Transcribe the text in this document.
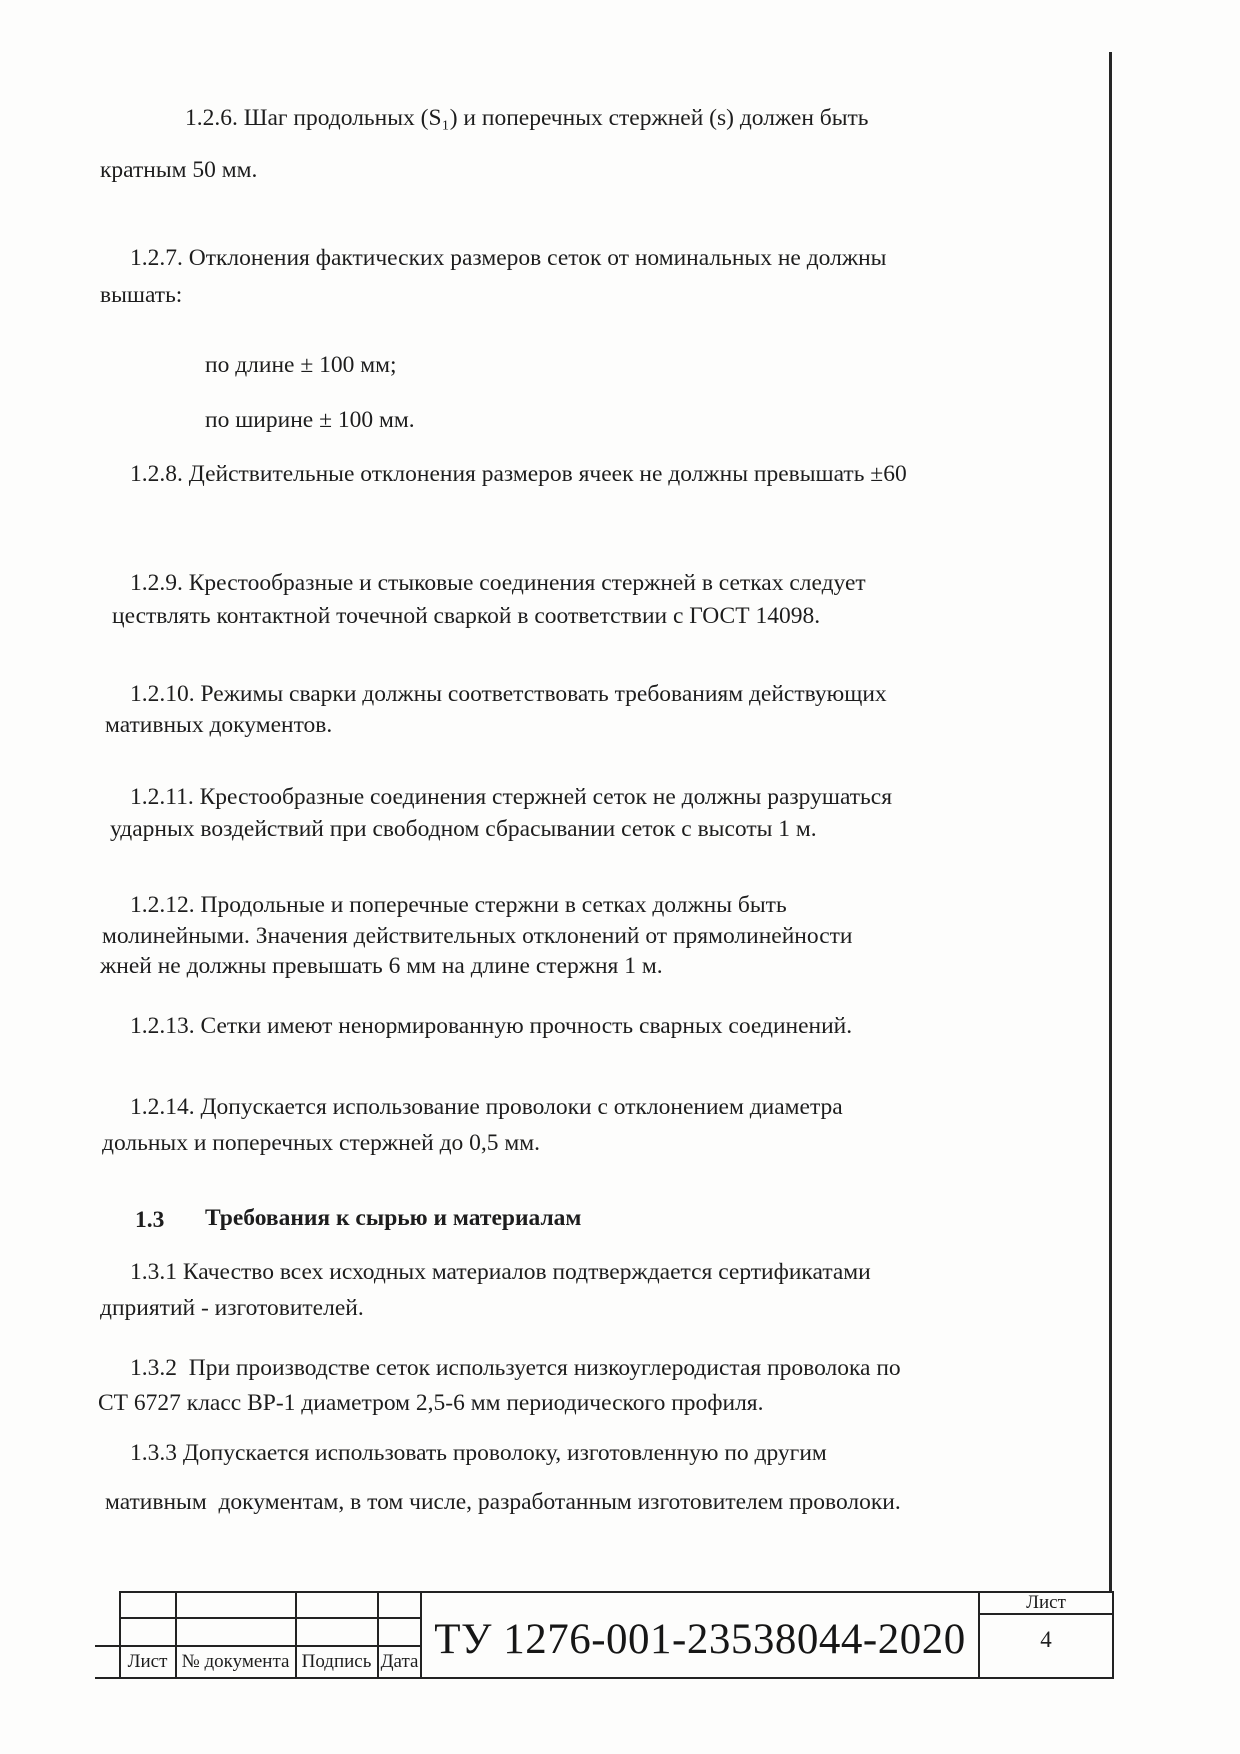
1.2.6. Шаг продольных (S₁) и поперечных стержней (s) должен быть
кратным 50 мм.
1.2.7. Отклонения фактических размеров сеток от номинальных не должны
вышать:
по длине ± 100 мм;
по ширине ± 100 мм.
1.2.8. Действительные отклонения размеров ячеек не должны превышать ±60
1.2.9. Крестообразные и стыковые соединения стержней в сетках следует
цествлять контактной точечной сваркой в соответствии с ГОСТ 14098.
1.2.10. Режимы сварки должны соответствовать требованиям действующих
мативных документов.
1.2.11. Крестообразные соединения стержней сеток не должны разрушаться
ударных воздействий при свободном сбрасывании сеток с высоты 1 м.
1.2.12. Продольные и поперечные стержни в сетках должны быть
молинейными. Значения действительных отклонений от прямолинейности
жней не должны превышать 6 мм на длине стержня 1 м.
1.2.13. Сетки имеют ненормированную прочность сварных соединений.
1.2.14. Допускается использование проволоки с отклонением диаметра
дольных и поперечных стержней до 0,5 мм.
1.3 Требования к сырью и материалам
1.3.1 Качество всех исходных материалов подтверждается сертификатами
дприятий - изготовителей.
1.3.2  При производстве сеток используется низкоуглеродистая проволока по
СТ 6727 класс ВР-1 диаметром 2,5-6 мм периодического профиля.
1.3.3 Допускается использовать проволоку, изготовленную по другим
мативным  документам, в том числе, разработанным изготовителем проволоки.
Лист № документа Подпись Дата ТУ 1276-001-23538044-2020
Лист
4
